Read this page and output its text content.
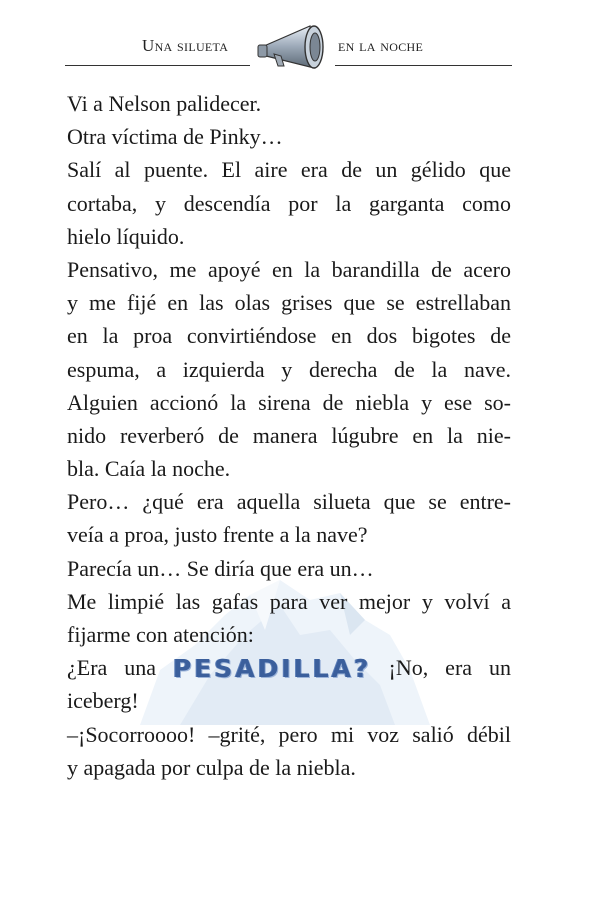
Una silueta	en la noche
Vi a Nelson palidecer.
Otra víctima de Pinky…
Salí al puente. El aire era de un gélido que
cortaba, y descendía por la garganta como
hielo líquido.
Pensativo, me apoyé en la barandilla de acero
y me fijé en las olas grises que se estrellaban
en la proa convirtiéndose en dos bigotes de
espuma, a izquierda y derecha de la nave.
Alguien accionó la sirena de niebla y ese so-
nido reverberó de manera lúgubre en la nie-
bla. Caía la noche.
Pero… ¿qué era aquella silueta que se entre-
veía a proa, justo frente a la nave?
Parecía un… Se diría que era un…
Me limpié las gafas para ver mejor y volví a
fijarme con atención:
¿Era una PESADILLA? ¡No, era un
iceberg!
–¡Socorroooo! –grité, pero mi voz salió débil
y apagada por culpa de la niebla.
